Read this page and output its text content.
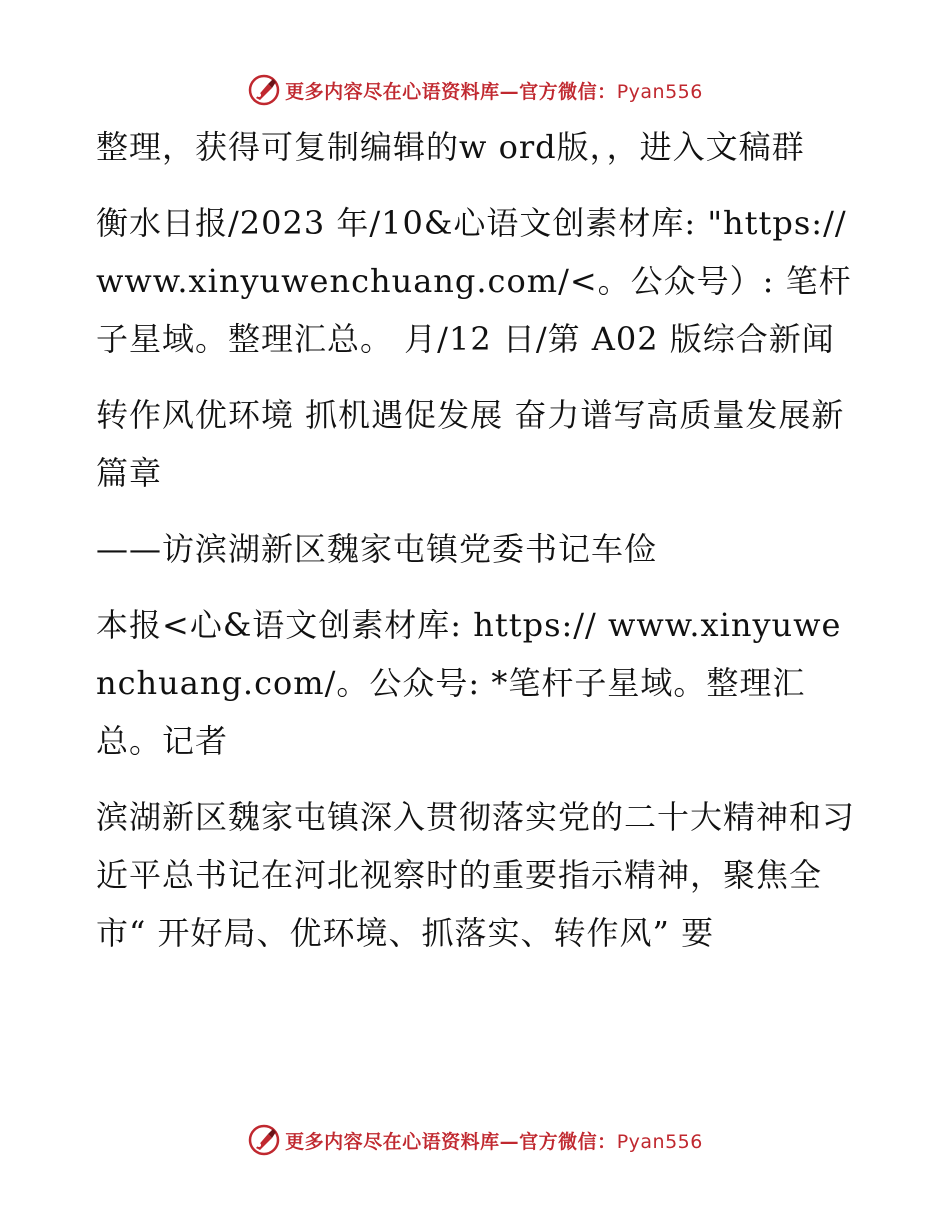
更多内容尽在心语资料库—官方微信：Pyan556

整理，获得可复制编辑的w ord版，，进入文稿群

衡水日报/2023 年/10&心语文创素材库: "https://www.xinyuwenchuang.com/<。公众号）: 笔杆子星域。整理汇总。 月/12 日/第 A02 版综合新闻

转作风优环境 抓机遇促发展 奋力谱写高质量发展新篇章

——访滨湖新区魏家屯镇党委书记车俭

本报<心&语文创素材库: https:// www.xinyuwenchuang.com/。公众号: *笔杆子星域。整理汇总。记者

滨湖新区魏家屯镇深入贯彻落实党的二十大精神和习近平总书记在河北视察时的重要指示精神，聚焦全市“ 开好局、优环境、抓落实、转作风” 要

更多内容尽在心语资料库—官方微信：Pyan556
